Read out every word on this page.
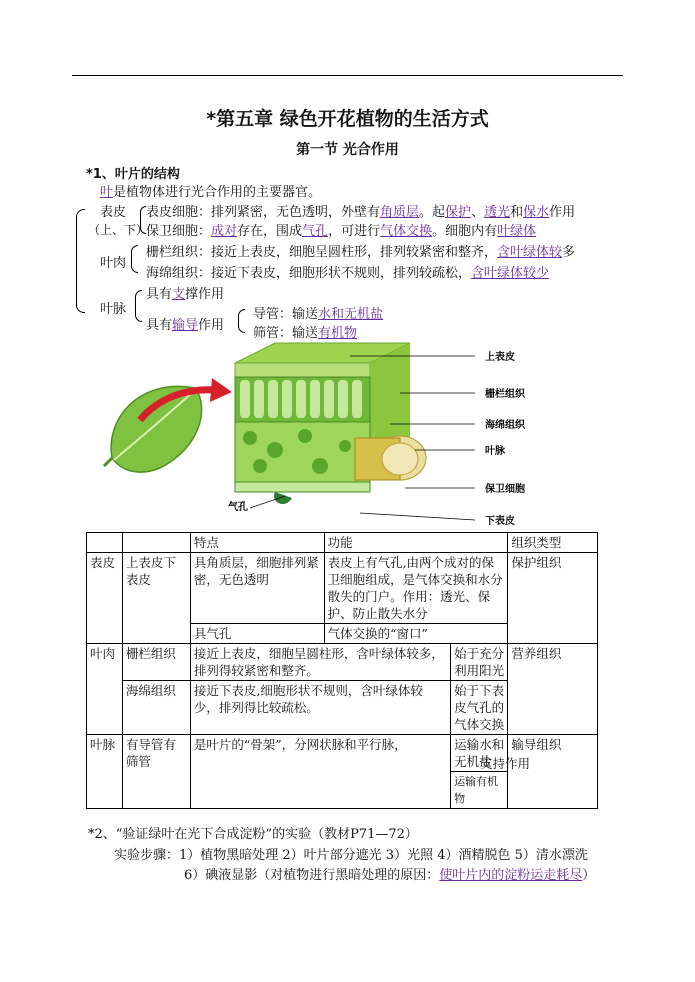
*第五章 绿色开花植物的生活方式
第一节 光合作用
*1、叶片的结构
叶是植物体进行光合作用的主要器官。
表皮
（上、下）
表皮细胞：排列紧密，无色透明，外壁有角质层。起保护、透光和保水作用
保卫细胞：成对存在，围成气孔，可进行气体交换。细胞内有叶绿体
叶肉
栅栏组织：接近上表皮，细胞呈圆柱形，排列较紧密和整齐，含叶绿体较多
海绵组织：接近下表皮，细胞形状不规则，排列较疏松，含叶绿体较少
叶脉
具有支撑作用
具有输导作用
导管：输送水和无机盐
筛管：输送有机物
上表皮
栅栏组织
海绵组织
叶脉
保卫细胞
下表皮
气孔
		特点	功能		组织类型
表皮	上表皮下表皮	具角质层，细胞排列紧密，无色透明	表皮上有气孔,由两个成对的保卫细胞组成，是气体交换和水分散失的门户。作用：透光、保护、防止散失水分		保护组织
		具气孔	气体交换的“窗口”		
叶肉	栅栏组织	接近上表皮，细胞呈圆柱形，含叶绿体较多，排列得较紧密和整齐。		始于充分利用阳光	营养组织
	海绵组织	接近下表皮,细胞形状不规则，含叶绿体较少，排列得比较疏松。		始于下表皮气孔的气体交换	
叶脉	有导管有筛管	是叶片的“骨架”，分网状脉和平行脉，		运输水和无机盐	输导组织
				运输有机物	
支持作用
*2、“验证绿叶在光下合成淀粉”的实验（教材P71—72）
实验步骤：1）植物黑暗处理 2）叶片部分遮光 3）光照 4）酒精脱色 5）清水漂洗
6）碘液显影（对植物进行黑暗处理的原因：使叶片内的淀粉运走耗尽）
